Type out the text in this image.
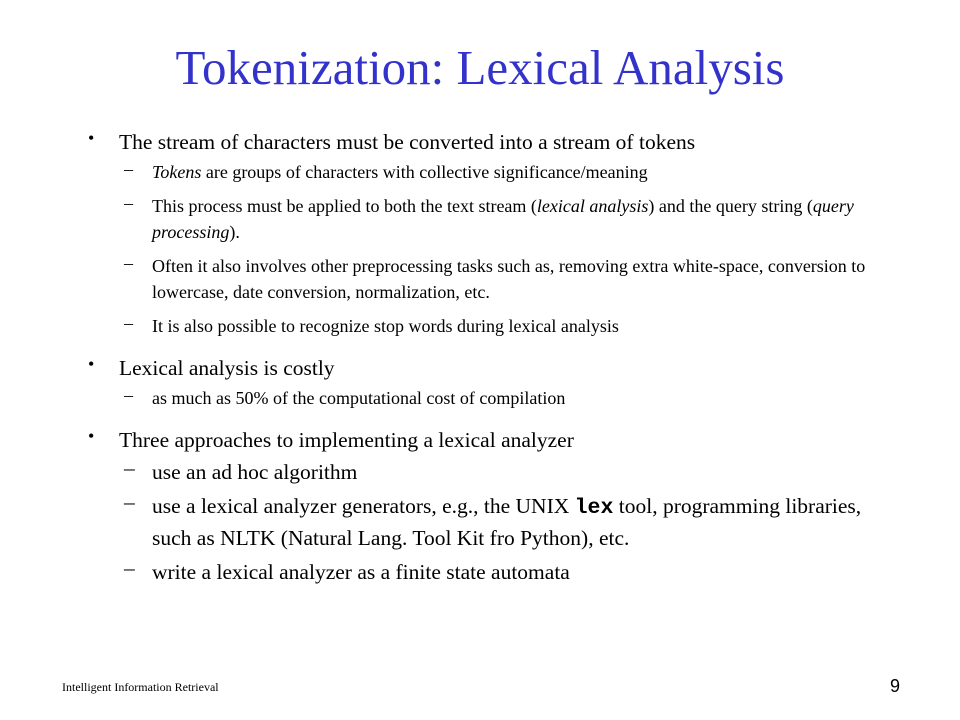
Tokenization: Lexical Analysis
• The stream of characters must be converted into a stream of tokens
– Tokens are groups of characters with collective significance/meaning
– This process must be applied to both the text stream (lexical analysis) and the query string (query processing).
– Often it also involves other preprocessing tasks such as, removing extra white-space, conversion to lowercase, date conversion, normalization, etc.
– It is also possible to recognize stop words during lexical analysis
• Lexical analysis is costly
– as much as 50% of the computational cost of compilation
• Three approaches to implementing a lexical analyzer
– use an ad hoc algorithm
– use a lexical analyzer generators, e.g., the UNIX lex tool, programming libraries, such as NLTK (Natural Lang. Tool Kit fro Python), etc.
– write a lexical analyzer as a finite state automata
Intelligent Information Retrieval	9
